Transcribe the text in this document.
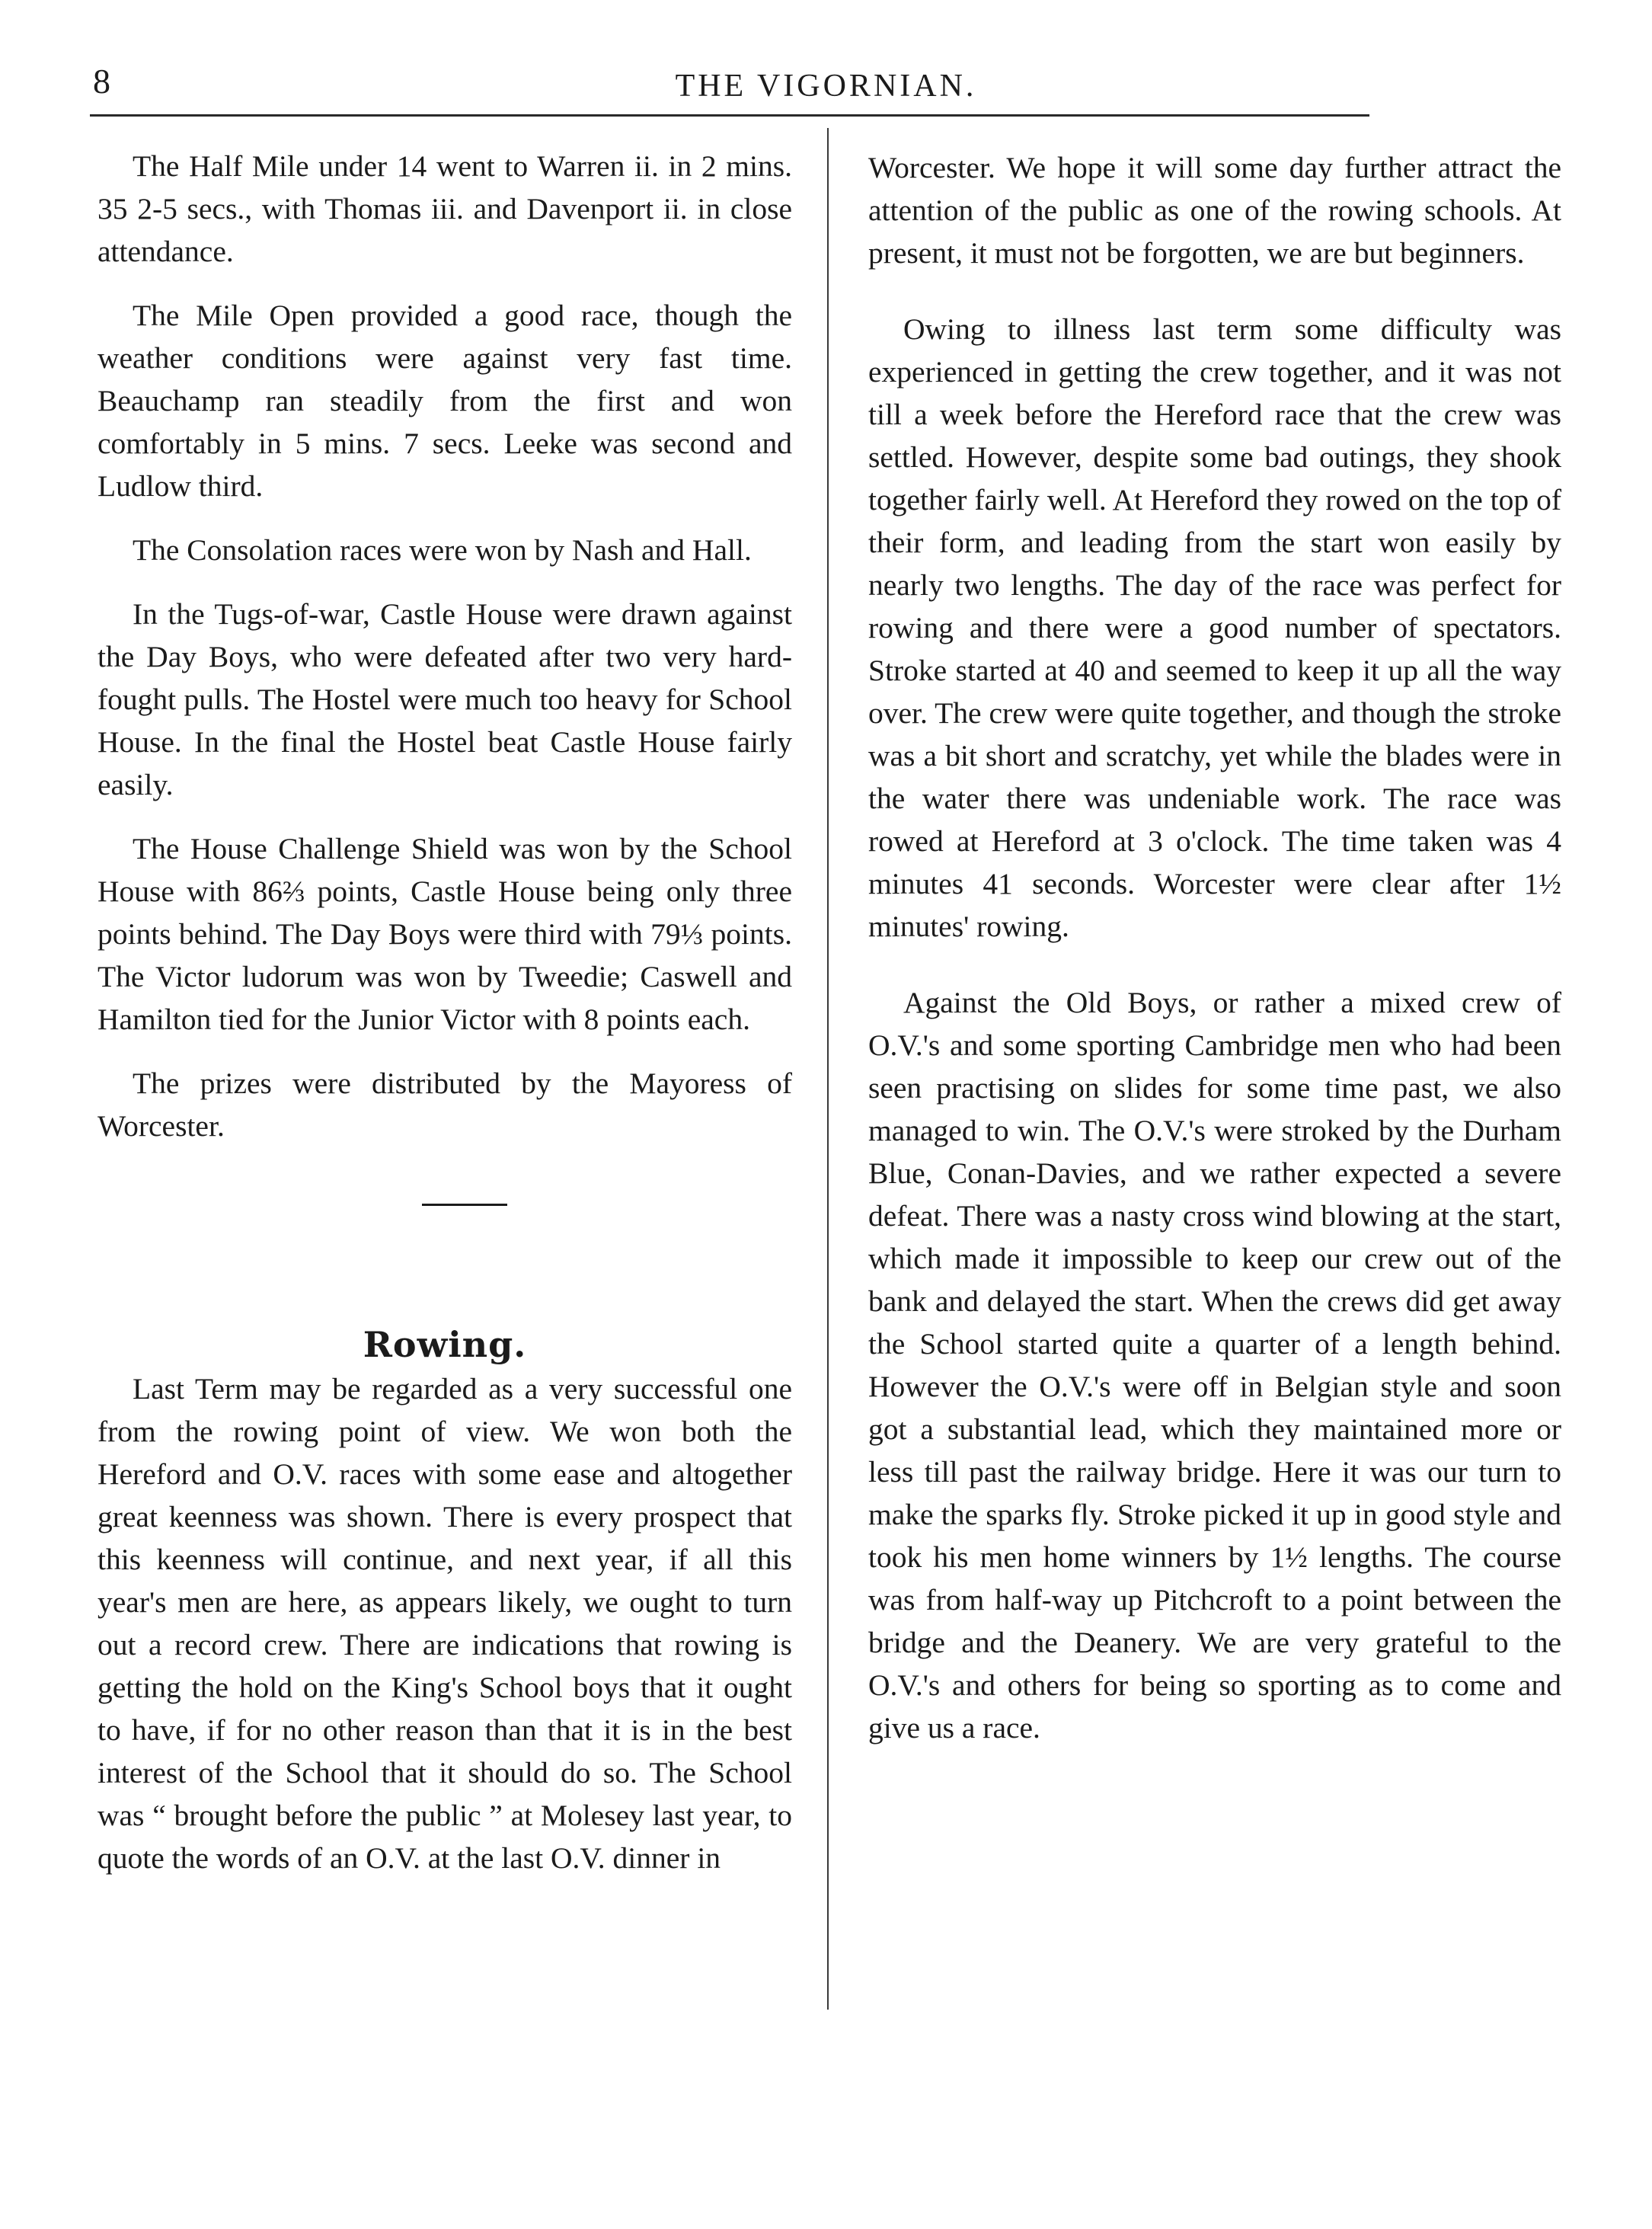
8	THE VIGORNIAN.

The Half Mile under 14 went to Warren ii. in 2 mins. 35 2-5 secs., with Thomas iii. and Davenport ii. in close attendance.

The Mile Open provided a good race, though the weather conditions were against very fast time. Beauchamp ran steadily from the first and won comfortably in 5 mins. 7 secs. Leeke was second and Ludlow third.

The Consolation races were won by Nash and Hall.

In the Tugs-of-war, Castle House were drawn against the Day Boys, who were defeated after two very hard-fought pulls. The Hostel were much too heavy for School House. In the final the Hostel beat Castle House fairly easily.

The House Challenge Shield was won by the School House with 86⅔ points, Castle House being only three points behind. The Day Boys were third with 79⅓ points. The Victor ludorum was won by Tweedie; Caswell and Hamilton tied for the Junior Victor with 8 points each.

The prizes were distributed by the Mayoress of Worcester.

Rowing.

Last Term may be regarded as a very successful one from the rowing point of view. We won both the Hereford and O.V. races with some ease and altogether great keenness was shown. There is every prospect that this keenness will continue, and next year, if all this year's men are here, as appears likely, we ought to turn out a record crew. There are indications that rowing is getting the hold on the King's School boys that it ought to have, if for no other reason than that it is in the best interest of the School that it should do so. The School was “ brought before the public ” at Molesey last year, to quote the words of an O.V. at the last O.V. dinner in

Worcester. We hope it will some day further attract the attention of the public as one of the rowing schools. At present, it must not be forgotten, we are but beginners.

Owing to illness last term some difficulty was experienced in getting the crew together, and it was not till a week before the Hereford race that the crew was settled. However, despite some bad outings, they shook together fairly well. At Hereford they rowed on the top of their form, and leading from the start won easily by nearly two lengths. The day of the race was perfect for rowing and there were a good number of spectators. Stroke started at 40 and seemed to keep it up all the way over. The crew were quite together, and though the stroke was a bit short and scratchy, yet while the blades were in the water there was undeniable work. The race was rowed at Hereford at 3 o'clock. The time taken was 4 minutes 41 seconds. Worcester were clear after 1½ minutes' rowing.

Against the Old Boys, or rather a mixed crew of O.V.'s and some sporting Cambridge men who had been seen practising on slides for some time past, we also managed to win. The O.V.'s were stroked by the Durham Blue, Conan-Davies, and we rather expected a severe defeat. There was a nasty cross wind blowing at the start, which made it impossible to keep our crew out of the bank and delayed the start. When the crews did get away the School started quite a quarter of a length behind. However the O.V.'s were off in Belgian style and soon got a substantial lead, which they maintained more or less till past the railway bridge. Here it was our turn to make the sparks fly. Stroke picked it up in good style and took his men home winners by 1½ lengths. The course was from half-way up Pitchcroft to a point between the bridge and the Deanery. We are very grateful to the O.V.'s and others for being so sporting as to come and give us a race.
